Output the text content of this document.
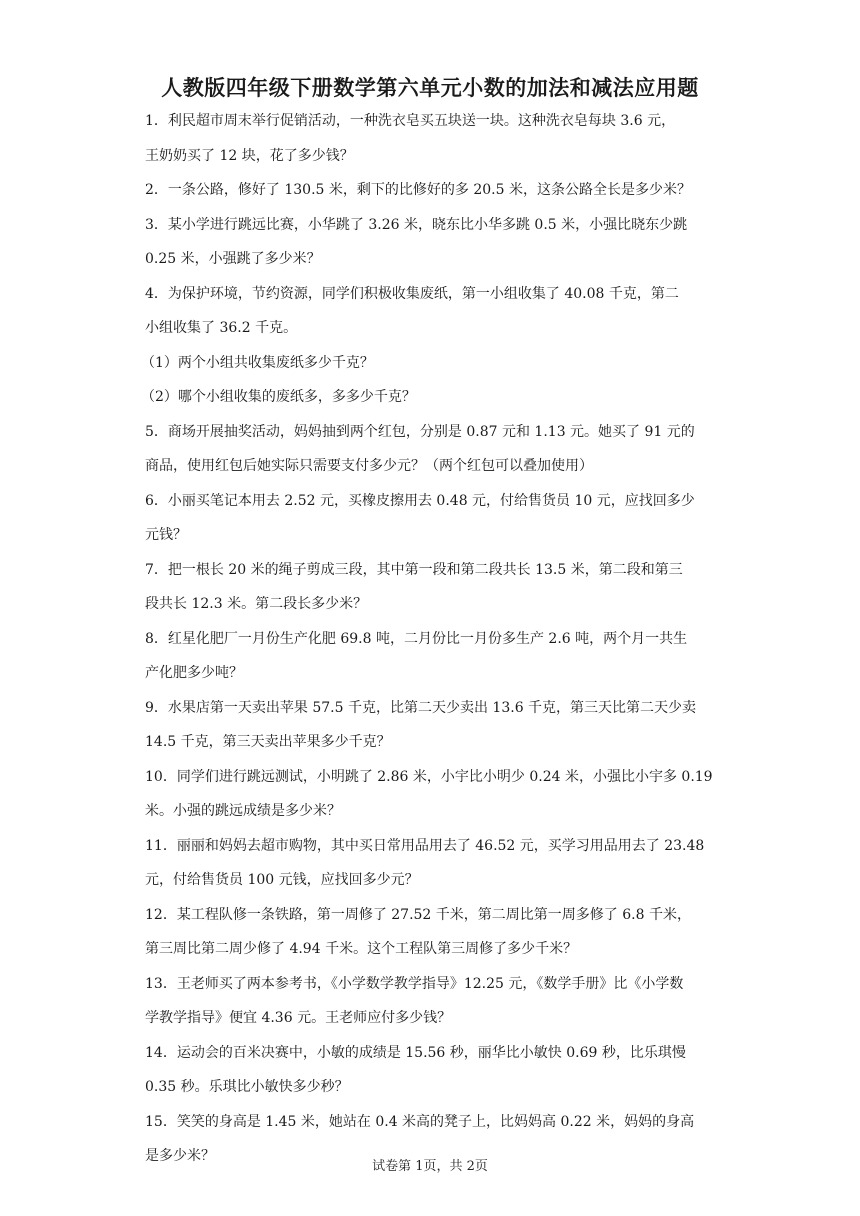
人教版四年级下册数学第六单元小数的加法和减法应用题
1．利民超市周末举行促销活动，一种洗衣皂买五块送一块。这种洗衣皂每块 3.6 元，
王奶奶买了 12 块，花了多少钱？
2．一条公路，修好了 130.5 米，剩下的比修好的多 20.5 米，这条公路全长是多少米？
3．某小学进行跳远比赛，小华跳了 3.26 米，晓东比小华多跳 0.5 米，小强比晓东少跳
0.25 米，小强跳了多少米？
4．为保护环境，节约资源，同学们积极收集废纸，第一小组收集了 40.08 千克，第二
小组收集了 36.2 千克。
（1）两个小组共收集废纸多少千克？
（2）哪个小组收集的废纸多，多多少千克？
5．商场开展抽奖活动，妈妈抽到两个红包，分别是 0.87 元和 1.13 元。她买了 91 元的
商品，使用红包后她实际只需要支付多少元？（两个红包可以叠加使用）
6．小丽买笔记本用去 2.52 元，买橡皮擦用去 0.48 元，付给售货员 10 元，应找回多少
元钱？
7．把一根长 20 米的绳子剪成三段，其中第一段和第二段共长 13.5 米，第二段和第三
段共长 12.3 米。第二段长多少米？
8．红星化肥厂一月份生产化肥 69.8 吨，二月份比一月份多生产 2.6 吨，两个月一共生
产化肥多少吨？
9．水果店第一天卖出苹果 57.5 千克，比第二天少卖出 13.6 千克，第三天比第二天少卖
14.5 千克，第三天卖出苹果多少千克？
10．同学们进行跳远测试，小明跳了 2.86 米，小宇比小明少 0.24 米，小强比小宇多 0.19
米。小强的跳远成绩是多少米？
11．丽丽和妈妈去超市购物，其中买日常用品用去了 46.52 元，买学习用品用去了 23.48
元，付给售货员 100 元钱，应找回多少元？
12．某工程队修一条铁路，第一周修了 27.52 千米，第二周比第一周多修了 6.8 千米，
第三周比第二周少修了 4.94 千米。这个工程队第三周修了多少千米？
13．王老师买了两本参考书，《小学数学教学指导》12.25 元，《数学手册》比《小学数
学教学指导》便宜 4.36 元。王老师应付多少钱？
14．运动会的百米决赛中，小敏的成绩是 15.56 秒，丽华比小敏快 0.69 秒，比乐琪慢
0.35 秒。乐琪比小敏快多少秒？
15．笑笑的身高是 1.45 米，她站在 0.4 米高的凳子上，比妈妈高 0.22 米，妈妈的身高
是多少米？
试卷第 1页，共 2页
